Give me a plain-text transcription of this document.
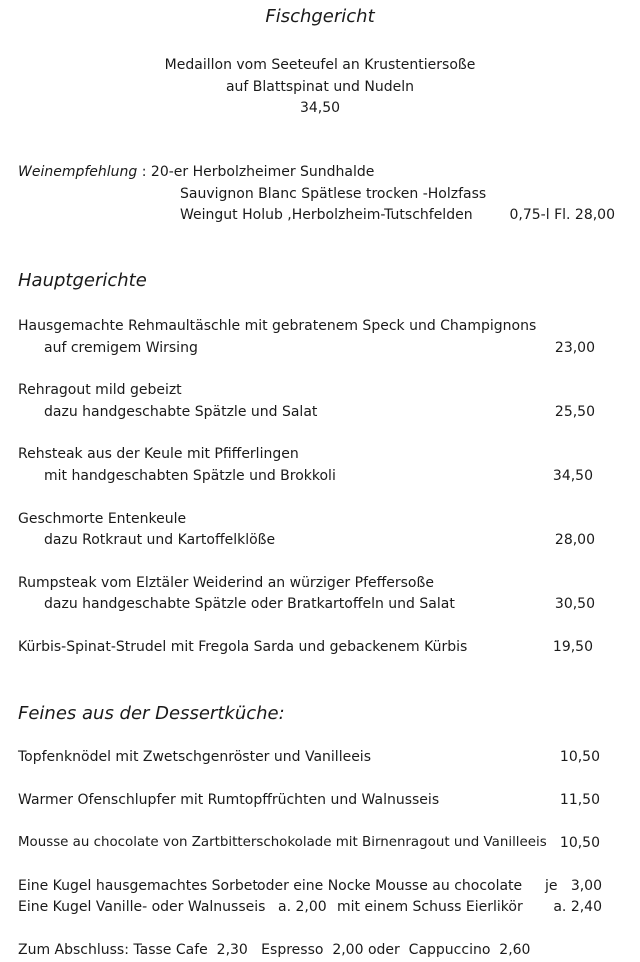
Fischgericht
Medaillon vom Seeteufel an Krustentiersoße
auf Blattspinat und Nudeln
34,50
Weinempfehlung : 20-er Herbolzheimer Sundhalde
Sauvignon Blanc Spätlese trocken -Holzfass
Weingut Holub ,Herbolzheim-Tutschfelden	0,75-l Fl. 28,00
Hauptgerichte
Hausgemachte Rehmaultäschle mit gebratenem Speck und Champignons
auf cremigem Wirsing	23,00
Rehragout mild gebeizt
dazu handgeschabte Spätzle und Salat	25,50
Rehsteak aus der Keule mit Pfifferlingen
mit handgeschabten Spätzle und Brokkoli	34,50
Geschmorte Entenkeule
dazu Rotkraut und Kartoffelklöße	28,00
Rumpsteak vom Elztäler Weiderind an würziger Pfeffersoße
dazu handgeschabte Spätzle oder Bratkartoffeln und Salat	30,50
Kürbis-Spinat-Strudel mit Fregola Sarda und gebackenem Kürbis	19,50
Feines aus der Dessertküche:
Topfenknödel mit Zwetschgenröster und Vanilleeis	10,50
Warmer Ofenschlupfer mit Rumtopffrüchten und Walnusseis	11,50
Mousse au chocolate von Zartbitterschokolade mit Birnenragout und Vanilleeis 10,50
Eine Kugel hausgemachtes Sorbet oder eine Nocke Mousse au chocolate je   3,00
Eine Kugel Vanille- oder Walnusseis a. 2,00 mit einem Schuss Eierlikör a. 2,40
Zum Abschluss: Tasse Cafe  2,30   Espresso  2,00 oder  Cappuccino  2,60
